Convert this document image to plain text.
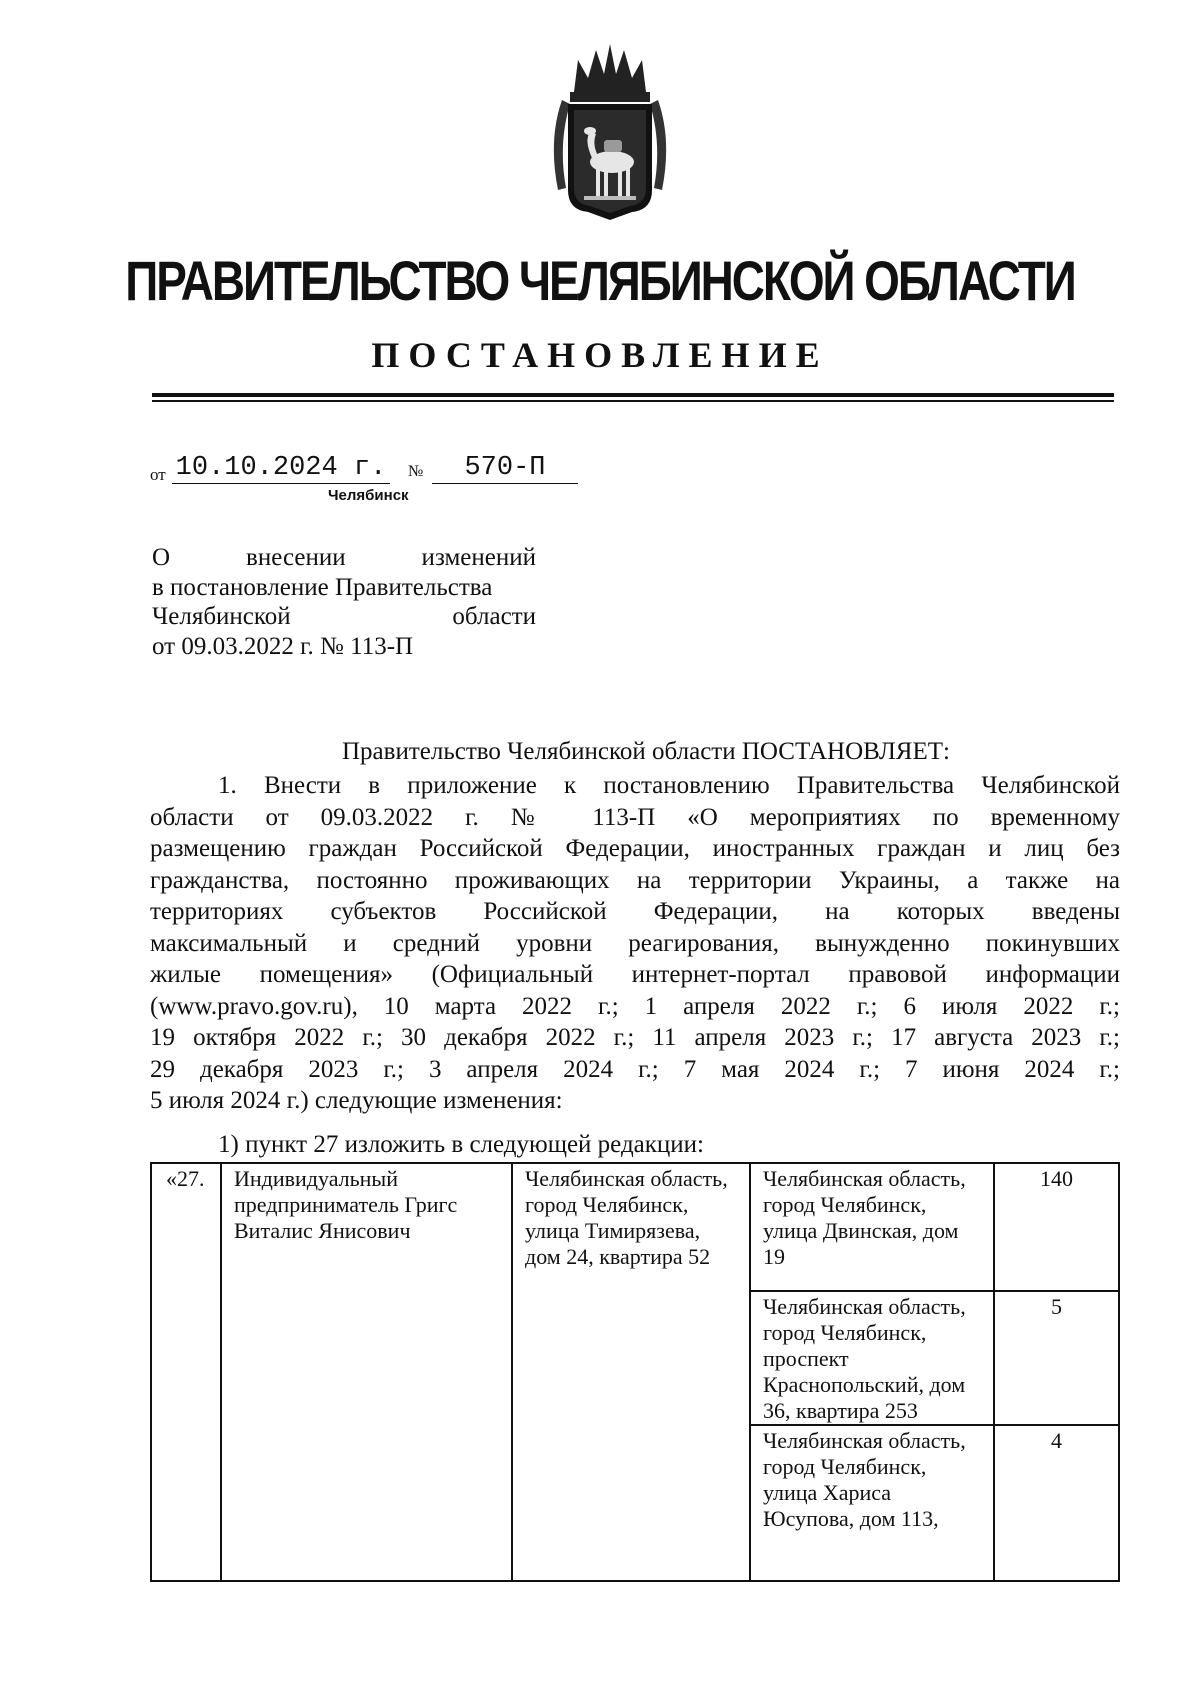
ПРАВИТЕЛЬСТВО ЧЕЛЯБИНСКОЙ ОБЛАСТИ
ПОСТАНОВЛЕНИЕ
от 10.10.2024 г. №	570-П
Челябинск
О внесении изменений
в постановление Правительства
Челябинской области
от 09.03.2022 г. № 113-П
Правительство Челябинской области ПОСТАНОВЛЯЕТ:
1. Внести в приложение к постановлению Правительства Челябинской
области от 09.03.2022 г. № 113-П «О мероприятиях по временному
размещению граждан Российской Федерации, иностранных граждан и лиц без
гражданства, постоянно проживающих на территории Украины, а также на
территориях субъектов Российской Федерации, на которых введены
максимальный и средний уровни реагирования, вынужденно покинувших
жилые помещения» (Официальный интернет-портал правовой информации
(www.pravo.gov.ru), 10 марта 2022 г.; 1 апреля 2022 г.; 6 июля 2022 г.;
19 октября 2022 г.; 30 декабря 2022 г.; 11 апреля 2023 г.; 17 августа 2023 г.;
29 декабря 2023 г.; 3 апреля 2024 г.; 7 мая 2024 г.; 7 июня 2024 г.;
5 июля 2024 г.) следующие изменения:
1) пункт 27 изложить в следующей редакции:
«27.	Индивидуальный предприниматель Григс Виталис Янисович	Челябинская область, город Челябинск, улица Тимирязева, дом 24, квартира 52	Челябинская область, город Челябинск, улица Двинская, дом 19	140
			Челябинская область, город Челябинск, проспект Краснопольский, дом 36, квартира 253	5
			Челябинская область, город Челябинск, улица Хариса Юсупова, дом 113,	4
